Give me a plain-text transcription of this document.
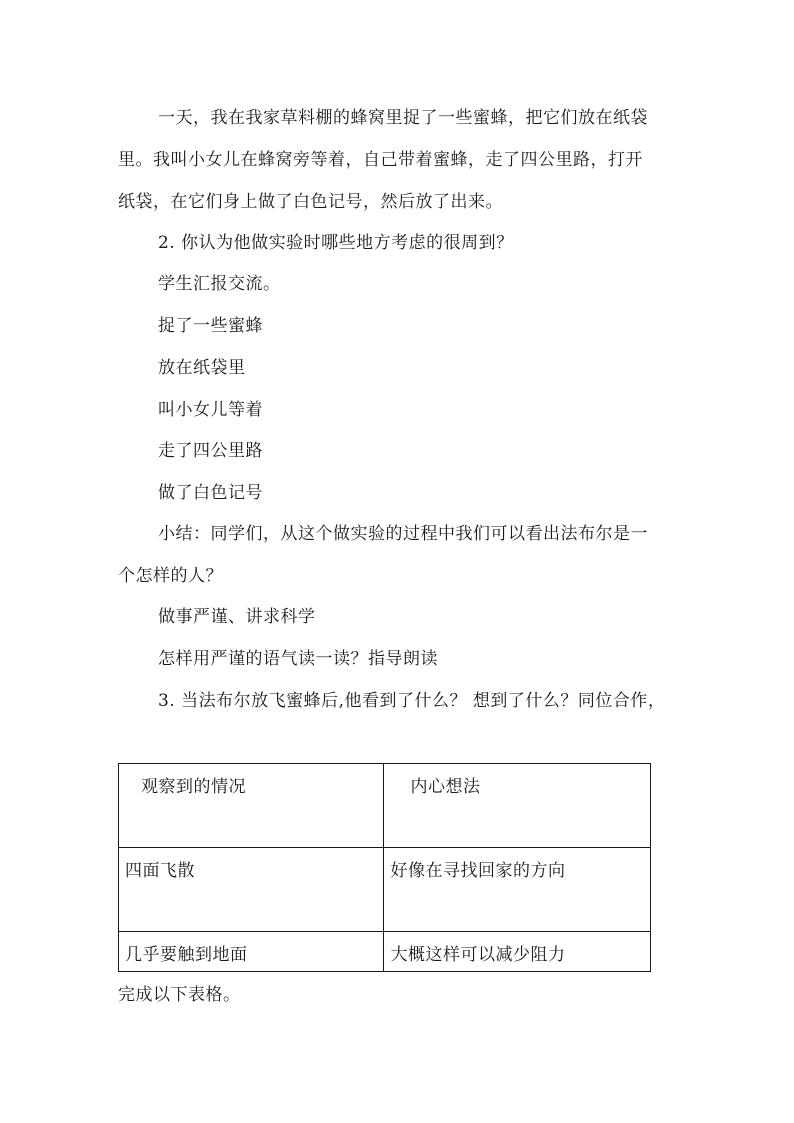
一天，我在我家草料棚的蜂窝里捉了一些蜜蜂，把它们放在纸袋
里。我叫小女儿在蜂窝旁等着，自己带着蜜蜂，走了四公里路，打开
纸袋，在它们身上做了白色记号，然后放了出来。
2. 你认为他做实验时哪些地方考虑的很周到？
学生汇报交流。
捉了一些蜜蜂
放在纸袋里
叫小女儿等着
走了四公里路
做了白色记号
小结：同学们，从这个做实验的过程中我们可以看出法布尔是一
个怎样的人？
做事严谨、讲求科学
怎样用严谨的语气读一读？指导朗读
3. 当法布尔放飞蜜蜂后,他看到了什么？ 想到了什么？同位合作，
观察到的情况	内心想法
四面飞散	好像在寻找回家的方向
几乎要触到地面	大概这样可以减少阻力
完成以下表格。
